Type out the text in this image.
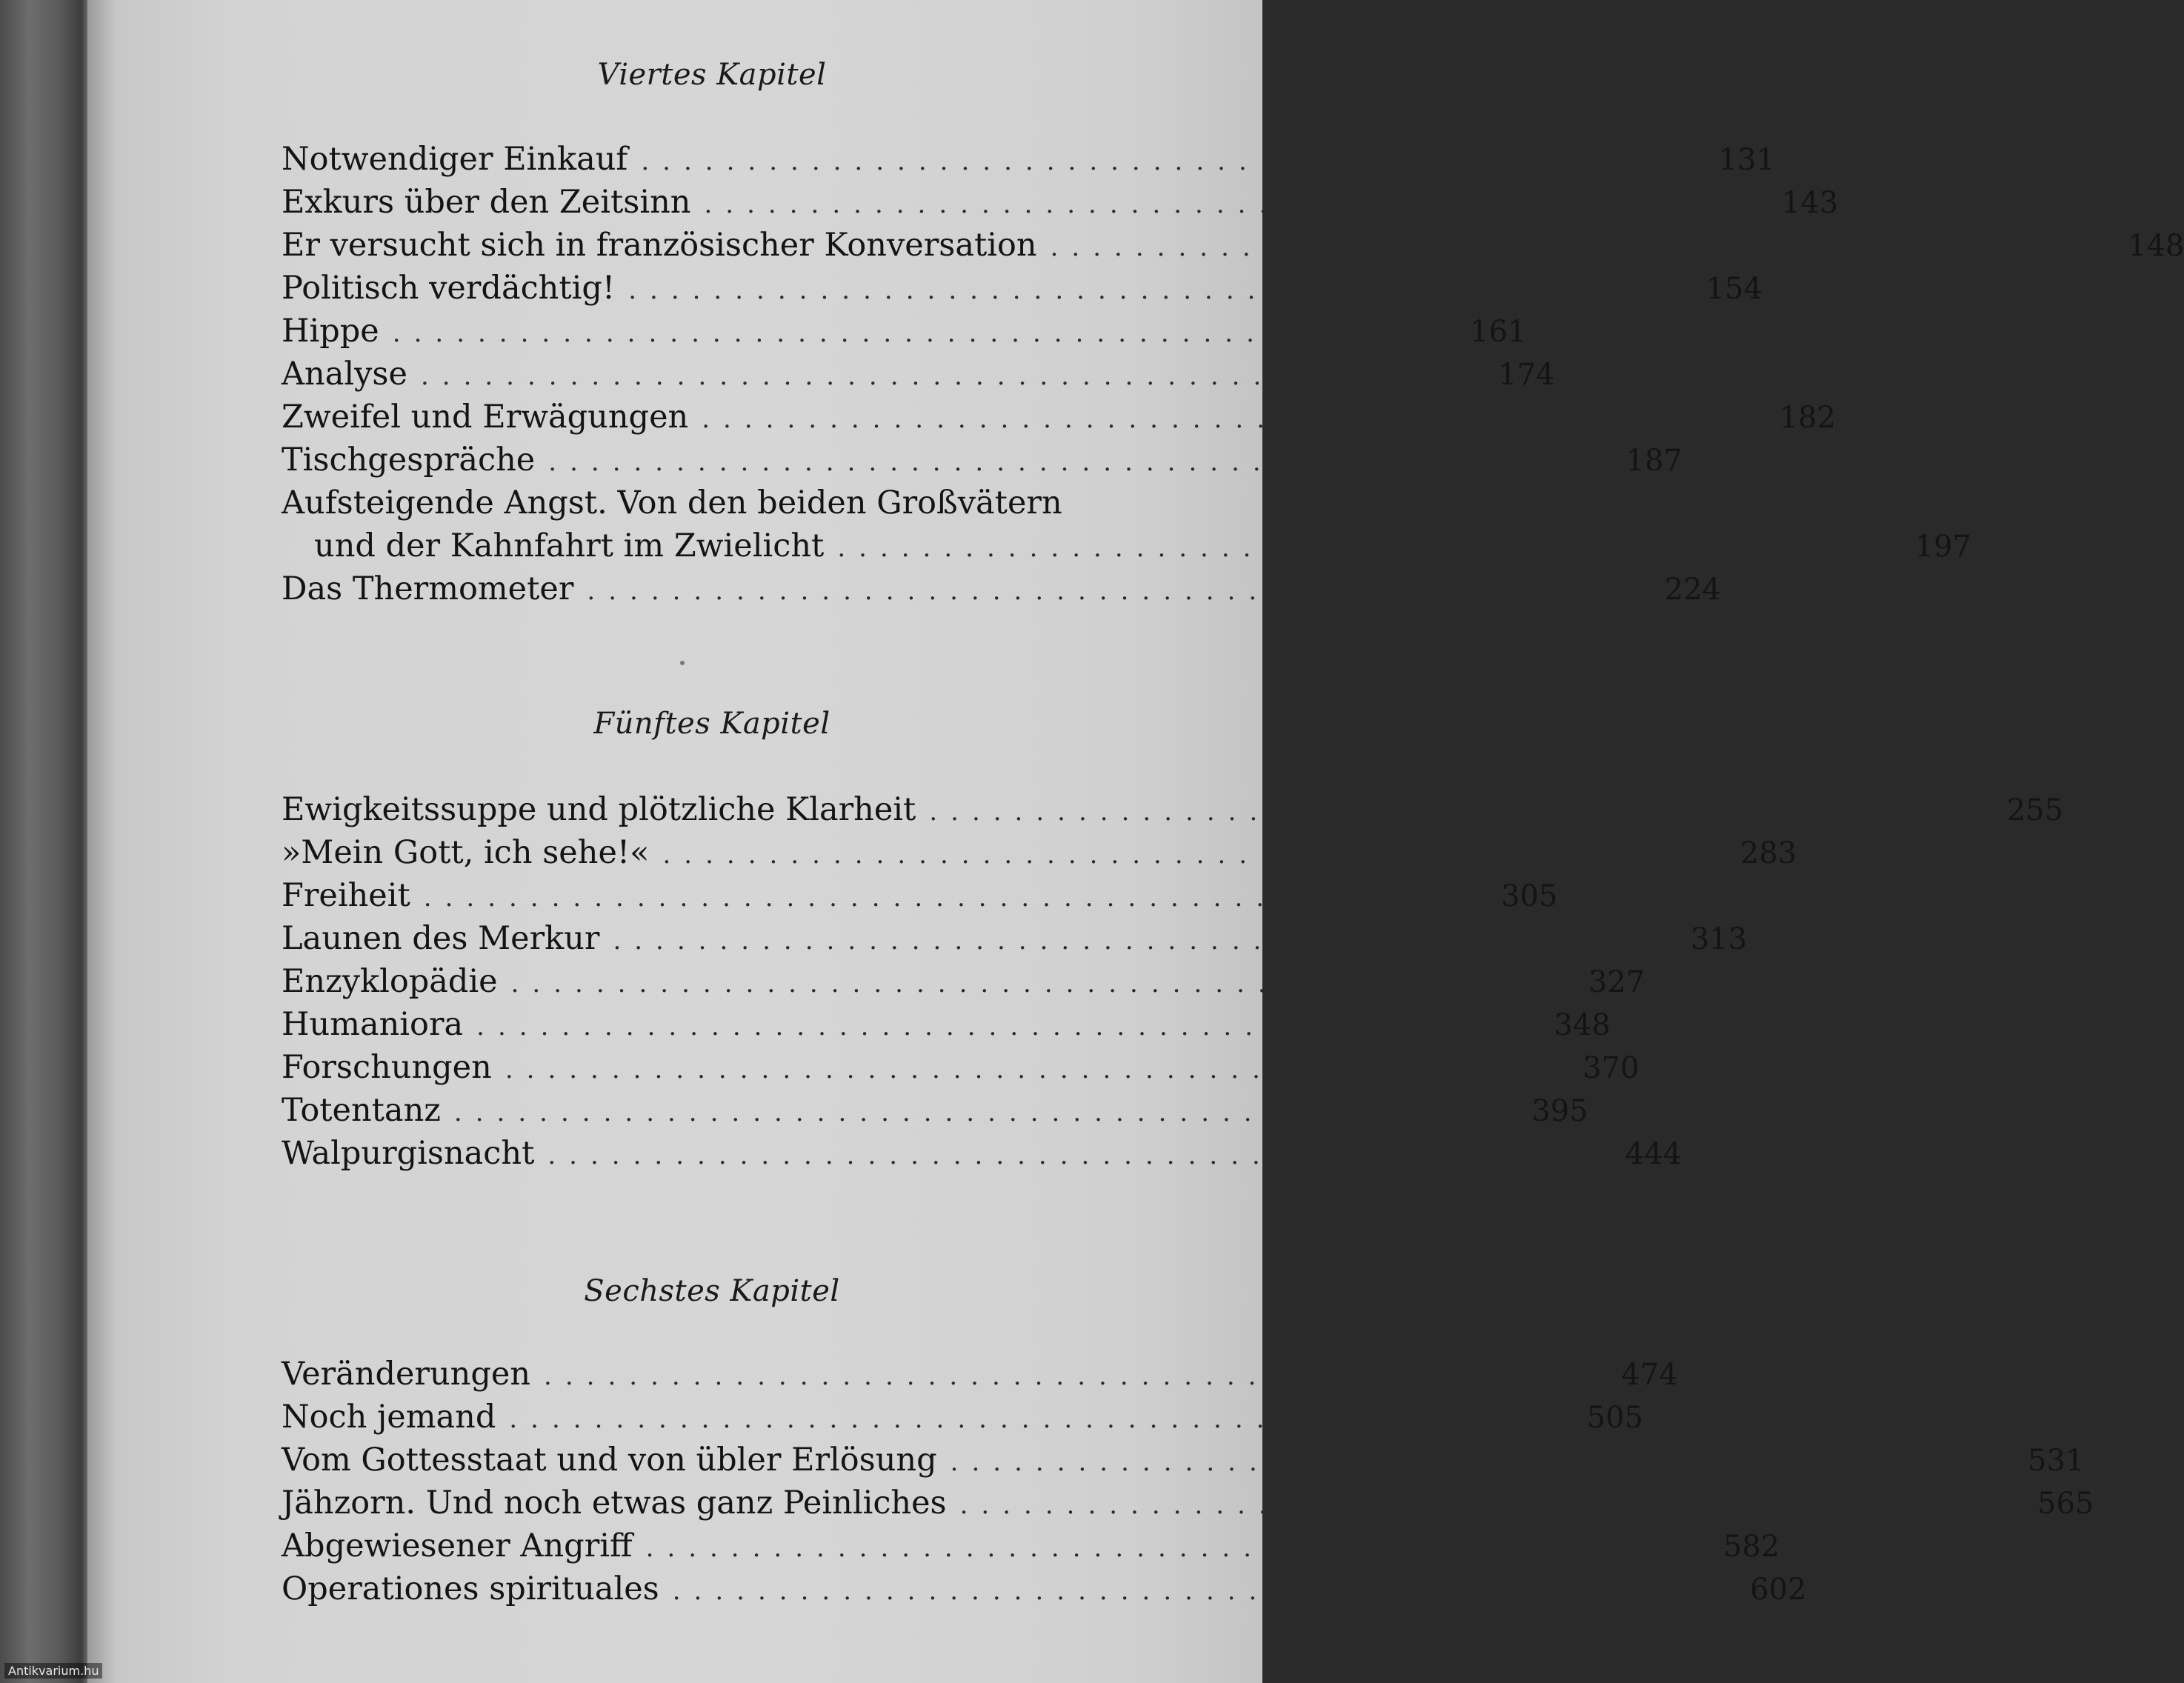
Viertes Kapitel
Notwendiger Einkauf .................................................. 131
Exkurs über den Zeitsinn .................................................. 143
Er versucht sich in französischer Konversation .................................................. 148
Politisch verdächtig! .................................................. 154
Hippe .................................................. 161
Analyse .................................................. 174
Zweifel und Erwägungen .................................................. 182
Tischgespräche .................................................. 187
Aufsteigende Angst. Von den beiden Großvätern
und der Kahnfahrt im Zwielicht .................................................. 197
Das Thermometer .................................................. 224
Fünftes Kapitel
Ewigkeitssuppe und plötzliche Klarheit .................................................. 255
»Mein Gott, ich sehe!« .................................................. 283
Freiheit .................................................. 305
Launen des Merkur .................................................. 313
Enzyklopädie .................................................. 327
Humaniora .................................................. 348
Forschungen .................................................. 370
Totentanz .................................................. 395
Walpurgisnacht .................................................. 444
Sechstes Kapitel
Veränderungen .................................................. 474
Noch jemand .................................................. 505
Vom Gottesstaat und von übler Erlösung .................................................. 531
Jähzorn. Und noch etwas ganz Peinliches .................................................. 565
Abgewiesener Angriff .................................................. 582
Operationes spirituales .................................................. 602
Antikvarium.hu
